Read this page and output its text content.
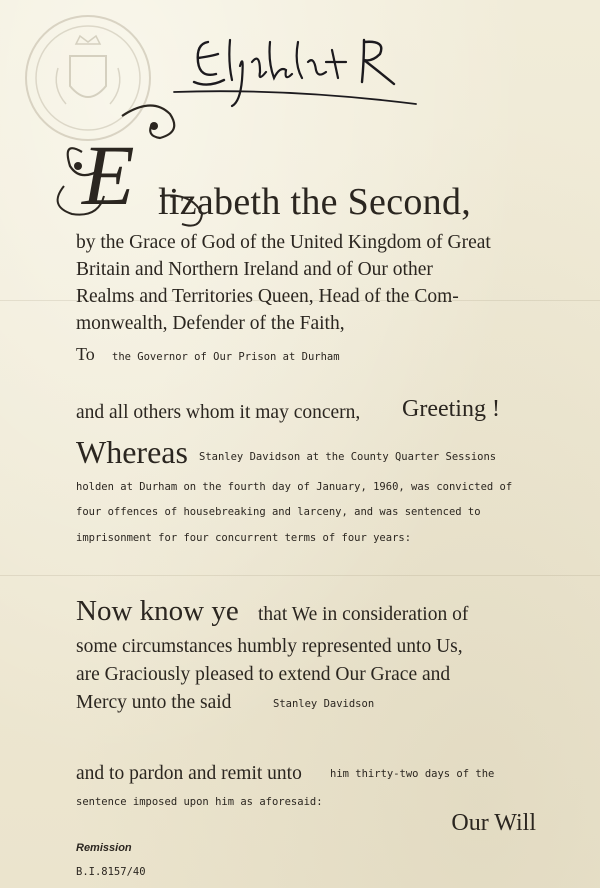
E lizabeth the Second,

by the Grace of God of the United Kingdom of Great

Britain and Northern Ireland and of Our other

Realms and Territories Queen, Head of the Com-

monwealth, Defender of the Faith,

To the Governor of Our Prison at Durham

and all others whom it may concern, Greeting !

Whereas Stanley Davidson at the County Quarter Sessions

holden at Durham on the fourth day of January, 1960, was convicted of

four offences of housebreaking and larceny, and was sentenced to

imprisonment for four concurrent terms of four years:

Now know ye that We in consideration of

some circumstances humbly represented unto Us,

are Graciously pleased to extend Our Grace and

Mercy unto the said	Stanley Davidson

and to pardon and remit unto	him thirty-two days of the

sentence imposed upon him as aforesaid:

Our Will

Remission

B.I.8157/40
